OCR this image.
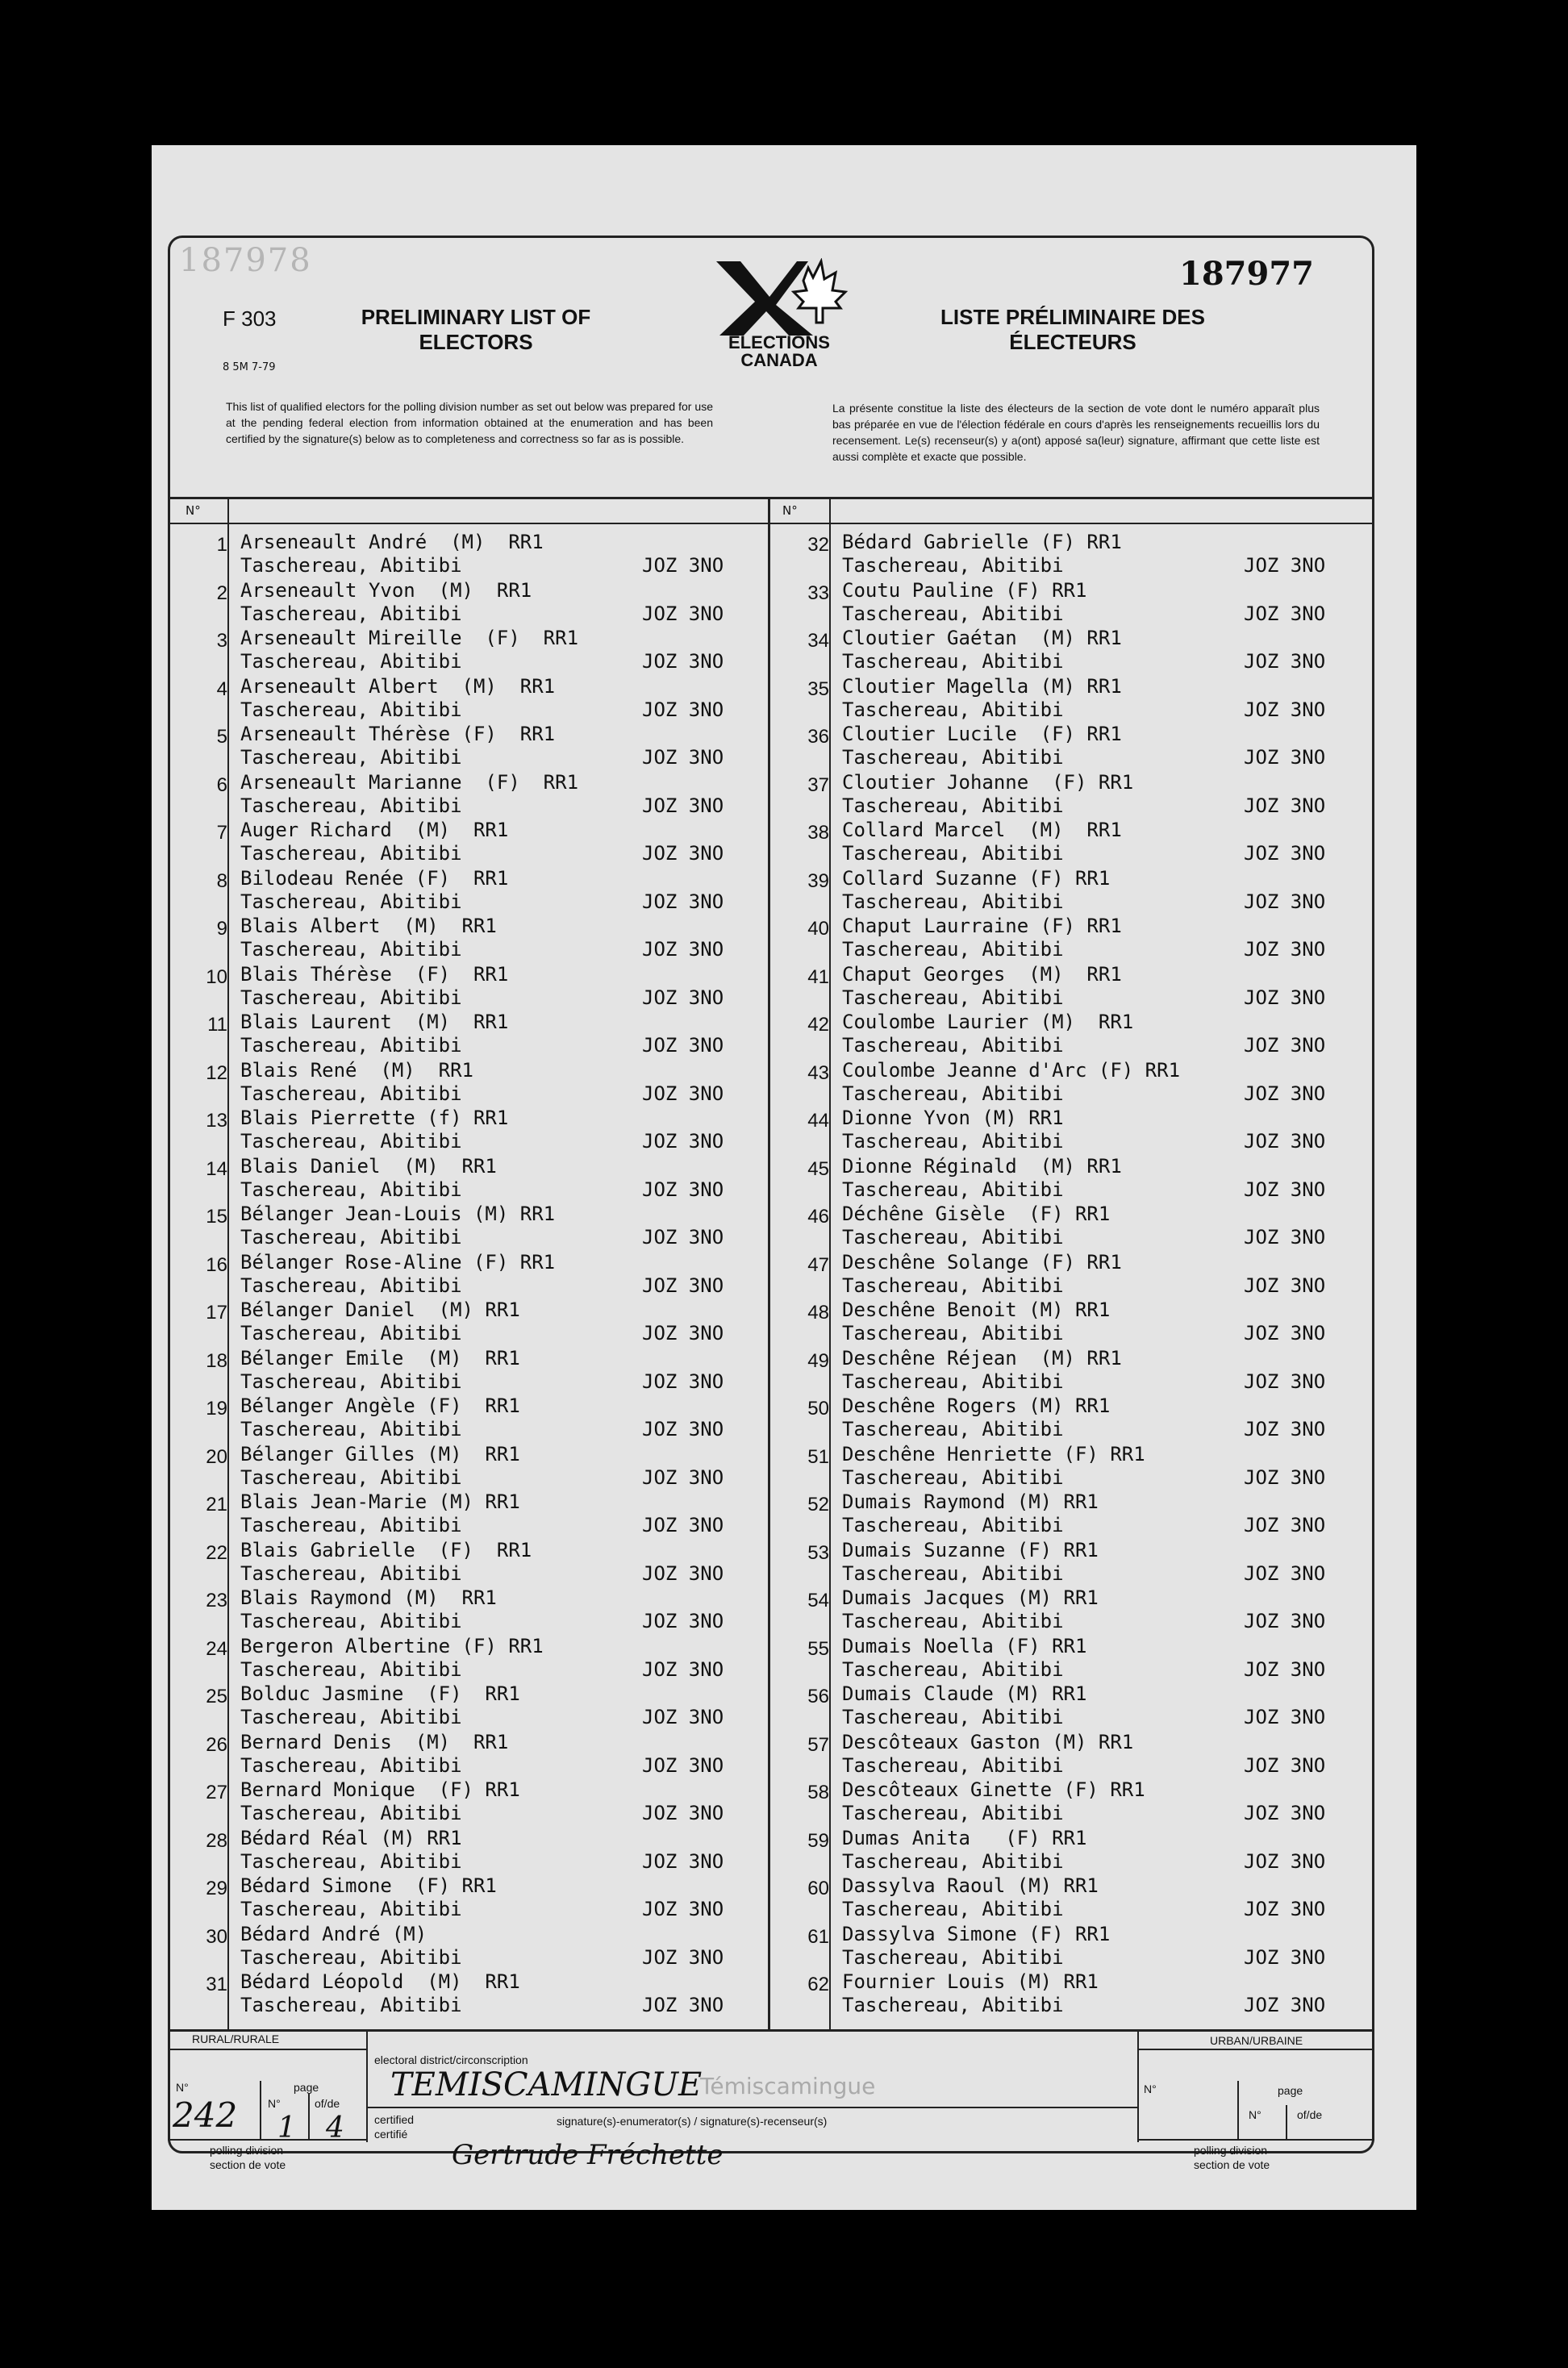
187978	187977
F 303
8 5M 7-79
PRELIMINARY LIST OF
ELECTORS
LISTE PRÉLIMINAIRE DES
ÉLECTEURS
ELECTIONS
CANADA
This list of qualified electors for the polling division number as set out below was prepared for use at the pending federal election from information obtained at the enumeration and has been certified by the signature(s) below as to completeness and correctness so far as is possible.
La présente constitue la liste des électeurs de la section de vote dont le numéro apparaît plus bas préparée en vue de l'élection fédérale en cours d'après les renseignements recueillis lors du recensement. Le(s) recenseur(s) y a(ont) apposé sa(leur) signature, affirmant que cette liste est aussi complète et exacte que possible.
N°	N°
1 Arseneault André  (M)  RR1
Taschereau, Abitibi	JOZ 3NO
2 Arseneault Yvon  (M)  RR1
Taschereau, Abitibi	JOZ 3NO
3 Arseneault Mireille  (F)  RR1
Taschereau, Abitibi	JOZ 3NO
4 Arseneault Albert  (M)  RR1
Taschereau, Abitibi	JOZ 3NO
5 Arseneault Thérèse (F)  RR1
Taschereau, Abitibi	JOZ 3NO
6 Arseneault Marianne  (F)  RR1
Taschereau, Abitibi	JOZ 3NO
7 Auger Richard  (M)  RR1
Taschereau, Abitibi	JOZ 3NO
8 Bilodeau Renée (F)  RR1
Taschereau, Abitibi	JOZ 3NO
9 Blais Albert  (M)  RR1
Taschereau, Abitibi	JOZ 3NO
10 Blais Thérèse  (F)  RR1
Taschereau, Abitibi	JOZ 3NO
11 Blais Laurent  (M)  RR1
Taschereau, Abitibi	JOZ 3NO
12 Blais René  (M)  RR1
Taschereau, Abitibi	JOZ 3NO
13 Blais Pierrette (f) RR1
Taschereau, Abitibi	JOZ 3NO
14 Blais Daniel  (M)  RR1
Taschereau, Abitibi	JOZ 3NO
15 Bélanger Jean-Louis (M) RR1
Taschereau, Abitibi	JOZ 3NO
16 Bélanger Rose-Aline (F) RR1
Taschereau, Abitibi	JOZ 3NO
17 Bélanger Daniel  (M) RR1
Taschereau, Abitibi	JOZ 3NO
18 Bélanger Emile  (M)  RR1
Taschereau, Abitibi	JOZ 3NO
19 Bélanger Angèle (F)  RR1
Taschereau, Abitibi	JOZ 3NO
20 Bélanger Gilles (M)  RR1
Taschereau, Abitibi	JOZ 3NO
21 Blais Jean-Marie (M) RR1
Taschereau, Abitibi	JOZ 3NO
22 Blais Gabrielle  (F)  RR1
Taschereau, Abitibi	JOZ 3NO
23 Blais Raymond (M)  RR1
Taschereau, Abitibi	JOZ 3NO
24 Bergeron Albertine (F) RR1
Taschereau, Abitibi	JOZ 3NO
25 Bolduc Jasmine  (F)  RR1
Taschereau, Abitibi	JOZ 3NO
26 Bernard Denis  (M)  RR1
Taschereau, Abitibi	JOZ 3NO
27 Bernard Monique  (F) RR1
Taschereau, Abitibi	JOZ 3NO
28 Bédard Réal (M) RR1
Taschereau, Abitibi	JOZ 3NO
29 Bédard Simone  (F) RR1
Taschereau, Abitibi	JOZ 3NO
30 Bédard André (M)
Taschereau, Abitibi	JOZ 3NO
31 Bédard Léopold  (M)  RR1
Taschereau, Abitibi	JOZ 3NO
32 Bédard Gabrielle (F) RR1
Taschereau, Abitibi	JOZ 3NO
33 Coutu Pauline (F) RR1
Taschereau, Abitibi	JOZ 3NO
34 Cloutier Gaétan  (M) RR1
Taschereau, Abitibi	JOZ 3NO
35 Cloutier Magella (M) RR1
Taschereau, Abitibi	JOZ 3NO
36 Cloutier Lucile  (F) RR1
Taschereau, Abitibi	JOZ 3NO
37 Cloutier Johanne  (F) RR1
Taschereau, Abitibi	JOZ 3NO
38 Collard Marcel  (M)  RR1
Taschereau, Abitibi	JOZ 3NO
39 Collard Suzanne (F) RR1
Taschereau, Abitibi	JOZ 3NO
40 Chaput Laurraine (F) RR1
Taschereau, Abitibi	JOZ 3NO
41 Chaput Georges  (M)  RR1
Taschereau, Abitibi	JOZ 3NO
42 Coulombe Laurier (M)  RR1
Taschereau, Abitibi	JOZ 3NO
43 Coulombe Jeanne d'Arc (F) RR1
Taschereau, Abitibi	JOZ 3NO
44 Dionne Yvon (M) RR1
Taschereau, Abitibi	JOZ 3NO
45 Dionne Réginald  (M) RR1
Taschereau, Abitibi	JOZ 3NO
46 Déchêne Gisèle  (F) RR1
Taschereau, Abitibi	JOZ 3NO
47 Deschêne Solange (F) RR1
Taschereau, Abitibi	JOZ 3NO
48 Deschêne Benoit (M) RR1
Taschereau, Abitibi	JOZ 3NO
49 Deschêne Réjean  (M) RR1
Taschereau, Abitibi	JOZ 3NO
50 Deschêne Rogers (M) RR1
Taschereau, Abitibi	JOZ 3NO
51 Deschêne Henriette (F) RR1
Taschereau, Abitibi	JOZ 3NO
52 Dumais Raymond (M) RR1
Taschereau, Abitibi	JOZ 3NO
53 Dumais Suzanne (F) RR1
Taschereau, Abitibi	JOZ 3NO
54 Dumais Jacques (M) RR1
Taschereau, Abitibi	JOZ 3NO
55 Dumais Noella (F) RR1
Taschereau, Abitibi	JOZ 3NO
56 Dumais Claude (M) RR1
Taschereau, Abitibi	JOZ 3NO
57 Descôteaux Gaston (M) RR1
Taschereau, Abitibi	JOZ 3NO
58 Descôteaux Ginette (F) RR1
Taschereau, Abitibi	JOZ 3NO
59 Dumas Anita   (F) RR1
Taschereau, Abitibi	JOZ 3NO
60 Dassylva Raoul (M) RR1
Taschereau, Abitibi	JOZ 3NO
61 Dassylva Simone (F) RR1
Taschereau, Abitibi	JOZ 3NO
62 Fournier Louis (M) RR1
Taschereau, Abitibi	JOZ 3NO
RURAL/RURALE	URBAN/URBAINE
N°	page
N°	of/de
N°	page
N°	of/de
electoral district/circonscription
TEMISCAMINGUE
Témiscamingue
242 1 4	certified
certifié
signature(s)-enumerator(s) / signature(s)-recenseur(s)
Gertrude Fréchette
polling division
section de vote
polling division
section de vote
